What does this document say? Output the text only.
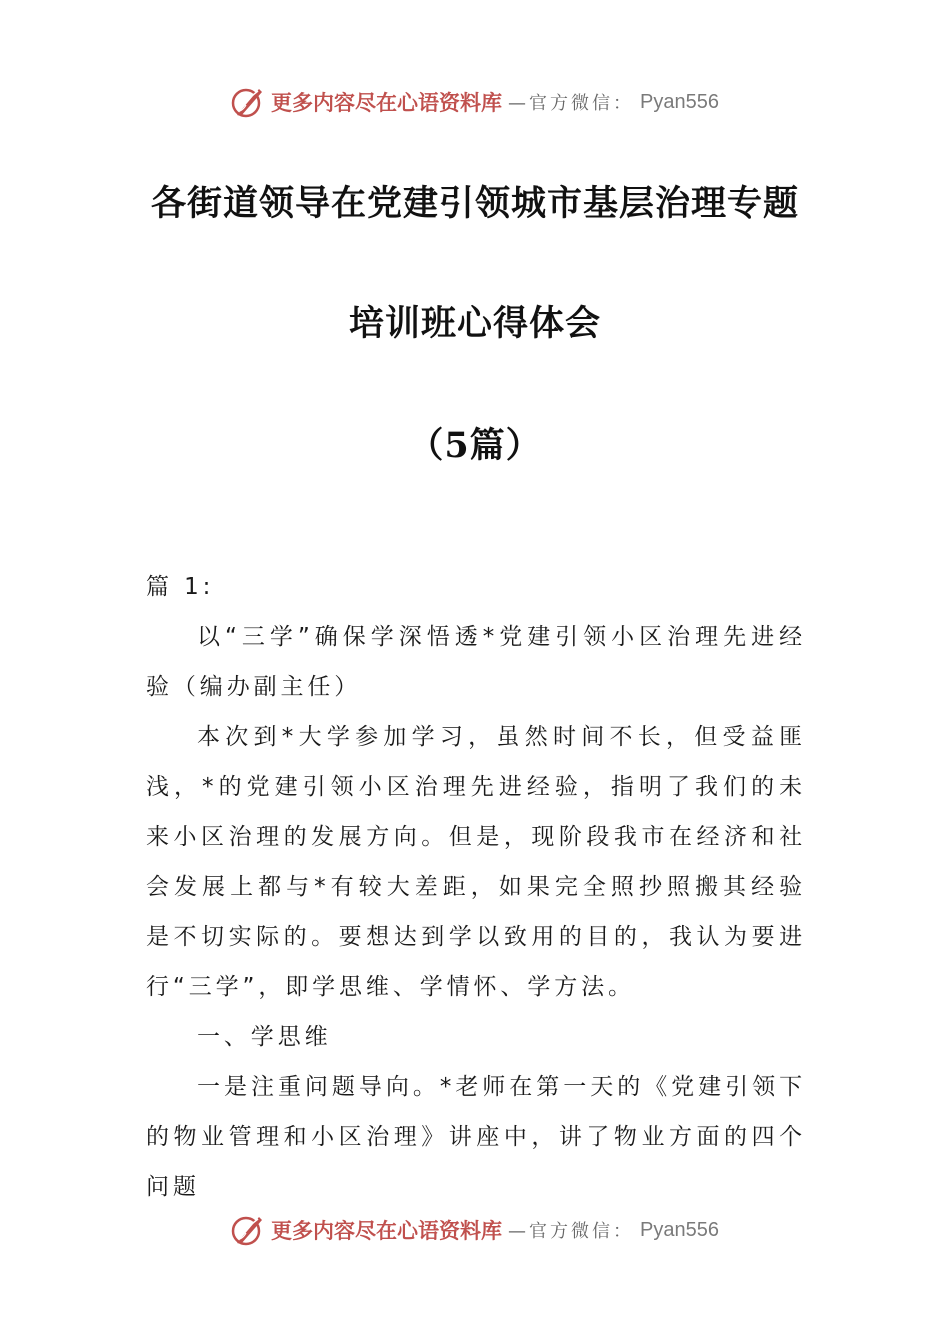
更多内容尽在心语资料库 —官方微信： Pyan556
各街道领导在党建引领城市基层治理专题
培训班心得体会
（5篇）

篇 1:

以“三学”确保学深悟透*党建引领小区治理先进经验（编办副主任）

本次到*大学参加学习，虽然时间不长，但受益匪浅，*的党建引领小区治理先进经验，指明了我们的未来小区治理的发展方向。但是，现阶段我市在经济和社会发展上都与*有较大差距，如果完全照抄照搬其经验是不切实际的。要想达到学以致用的目的，我认为要进行“三学”，即学思维、学情怀、学方法。

一、学思维

一是注重问题导向。*老师在第一天的《党建引领下的物业管理和小区治理》讲座中，讲了物业方面的四个问题

更多内容尽在心语资料库 —官方微信： Pyan556
